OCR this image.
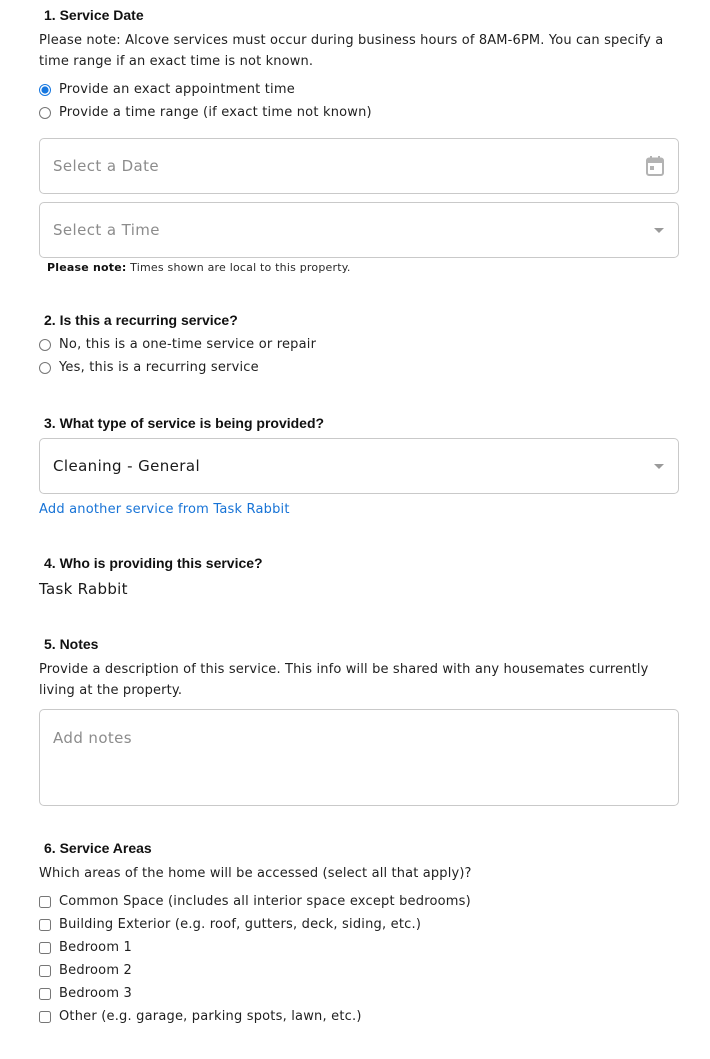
1. Service Date
Please note: Alcove services must occur during business hours of 8AM-6PM. You can specify a time range if an exact time is not known.
Provide an exact appointment time
Provide a time range (if exact time not known)
Select a Date
Select a Time
Please note: Times shown are local to this property.
2. Is this a recurring service?
No, this is a one-time service or repair
Yes, this is a recurring service
3. What type of service is being provided?
Cleaning - General
Add another service from Task Rabbit
4. Who is providing this service?
Task Rabbit
5. Notes
Provide a description of this service. This info will be shared with any housemates currently living at the property.
Add notes
6. Service Areas
Which areas of the home will be accessed (select all that apply)?
Common Space (includes all interior space except bedrooms)
Building Exterior (e.g. roof, gutters, deck, siding, etc.)
Bedroom 1
Bedroom 2
Bedroom 3
Other (e.g. garage, parking spots, lawn, etc.)
